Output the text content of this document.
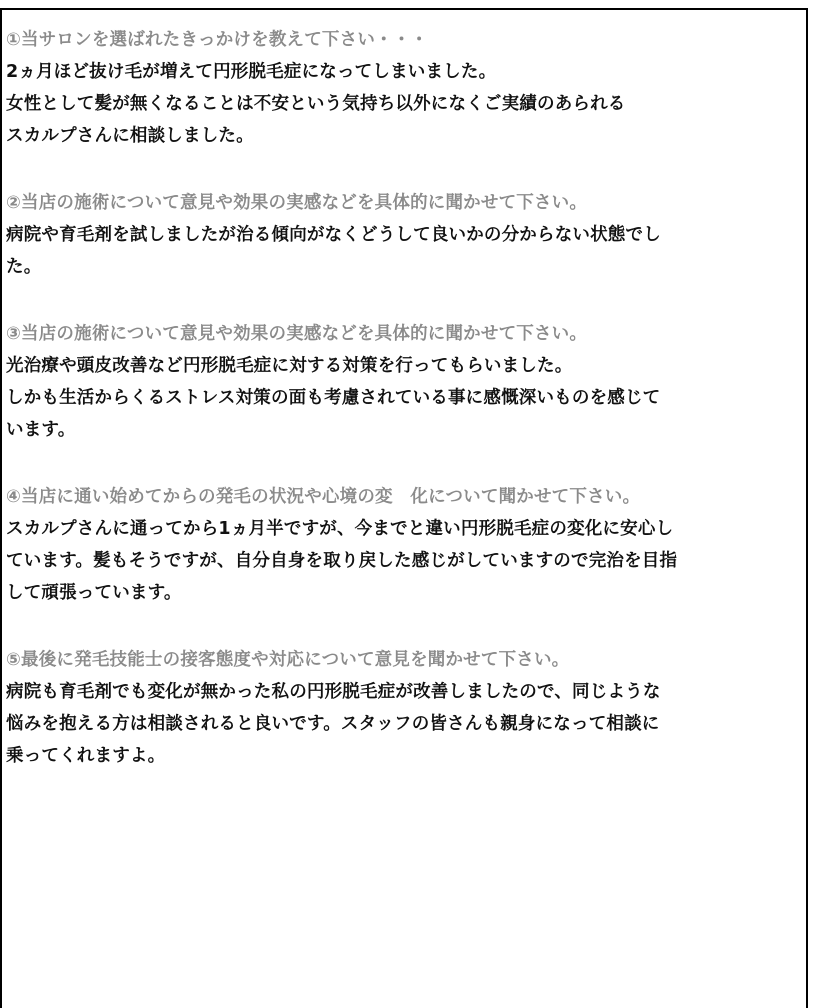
①当サロンを選ばれたきっかけを教えて下さい・・・
2ヵ月ほど抜け毛が増えて円形脱毛症になってしまいました。
女性として髪が無くなることは不安という気持ち以外になくご実績のあられる
スカルプさんに相談しました。
②当店の施術について意見や効果の実感などを具体的に聞かせて下さい。
病院や育毛剤を試しましたが治る傾向がなくどうして良いかの分からない状態でし
た。
③当店の施術について意見や効果の実感などを具体的に聞かせて下さい。
光治療や頭皮改善など円形脱毛症に対する対策を行ってもらいました。
しかも生活からくるストレス対策の面も考慮されている事に感慨深いものを感じて
います。
④当店に通い始めてからの発毛の状況や心境の変　化について聞かせて下さい。
スカルプさんに通ってから1ヵ月半ですが、今までと違い円形脱毛症の変化に安心し
ています。髪もそうですが、自分自身を取り戻した感じがしていますので完治を目指
して頑張っています。
⑤最後に発毛技能士の接客態度や対応について意見を聞かせて下さい。
病院も育毛剤でも変化が無かった私の円形脱毛症が改善しましたので、同じような
悩みを抱える方は相談されると良いです。スタッフの皆さんも親身になって相談に
乗ってくれますよ。
